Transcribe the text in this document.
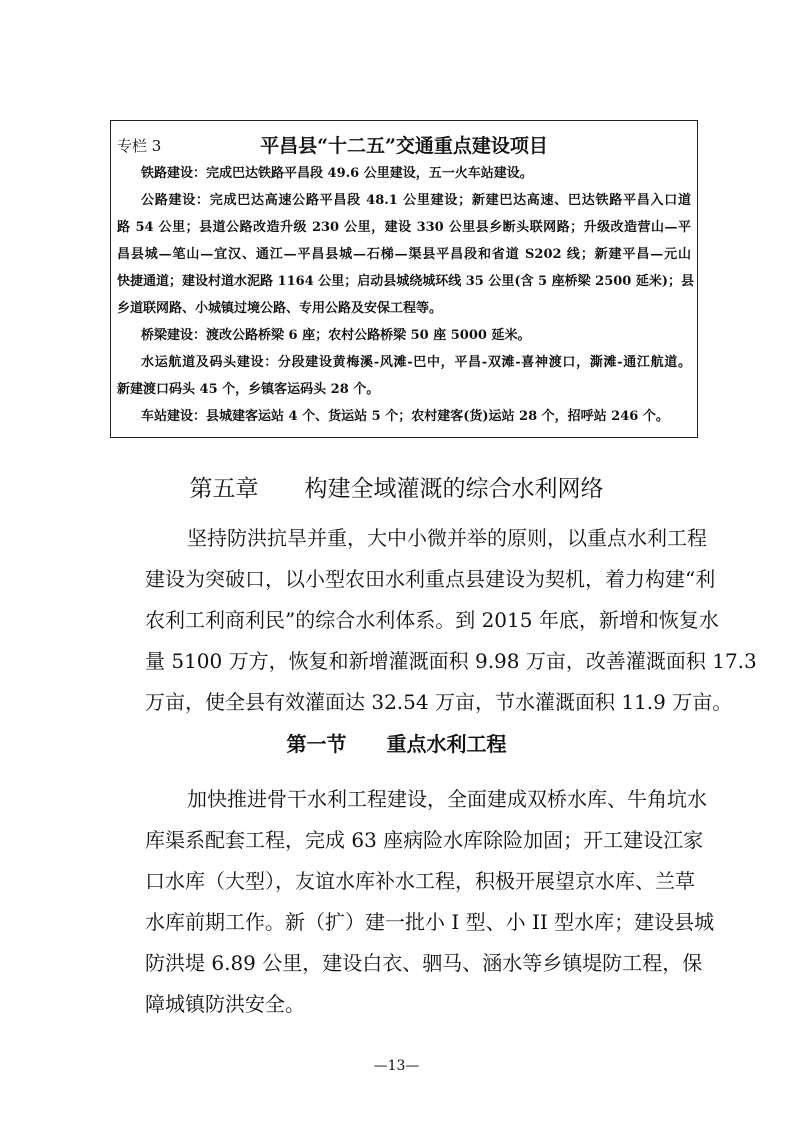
专栏 3	平昌县“十二五”交通重点建设项目
铁路建设：完成巴达铁路平昌段 49.6 公里建设，五一火车站建设。
公路建设：完成巴达高速公路平昌段 48.1 公里建设；新建巴达高速、巴达铁路平昌入口道
路 54 公里；县道公路改造升级 230 公里，建设 330 公里县乡断头联网路；升级改造营山—平
昌县城—笔山—宜汉、通江—平昌县城—石梯—渠县平昌段和省道 S202 线；新建平昌—元山
快捷通道；建设村道水泥路 1164 公里；启动县城绕城环线 35 公里(含 5 座桥梁 2500 延米)；县
乡道联网路、小城镇过境公路、专用公路及安保工程等。
桥梁建设：渡改公路桥梁 6 座；农村公路桥梁 50 座 5000 延米。
水运航道及码头建设：分段建设黄梅溪-风滩-巴中，平昌-双滩-喜神渡口，澌滩-通江航道。
新建渡口码头 45 个，乡镇客运码头 28 个。
车站建设：县城建客运站 4 个、货运站 5 个；农村建客(货)运站 28 个，招呼站 246 个。
第五章　　构建全域灌溉的综合水利网络
坚持防洪抗旱并重，大中小微并举的原则，以重点水利工程
建设为突破口，以小型农田水利重点县建设为契机，着力构建“利
农利工利商利民”的综合水利体系。到 2015 年底，新增和恢复水
量 5100 万方，恢复和新增灌溉面积 9.98 万亩，改善灌溉面积 17.3
万亩，使全县有效灌面达 32.54 万亩，节水灌溉面积 11.9 万亩。
第一节　　重点水利工程
加快推进骨干水利工程建设，全面建成双桥水库、牛角坑水
库渠系配套工程，完成 63 座病险水库除险加固；开工建设江家
口水库（大型），友谊水库补水工程，积极开展望京水库、兰草
水库前期工作。新（扩）建一批小 I 型、小 II 型水库；建设县城
防洪堤 6.89 公里，建设白衣、驷马、涵水等乡镇堤防工程，保
障城镇防洪安全。
—13—
